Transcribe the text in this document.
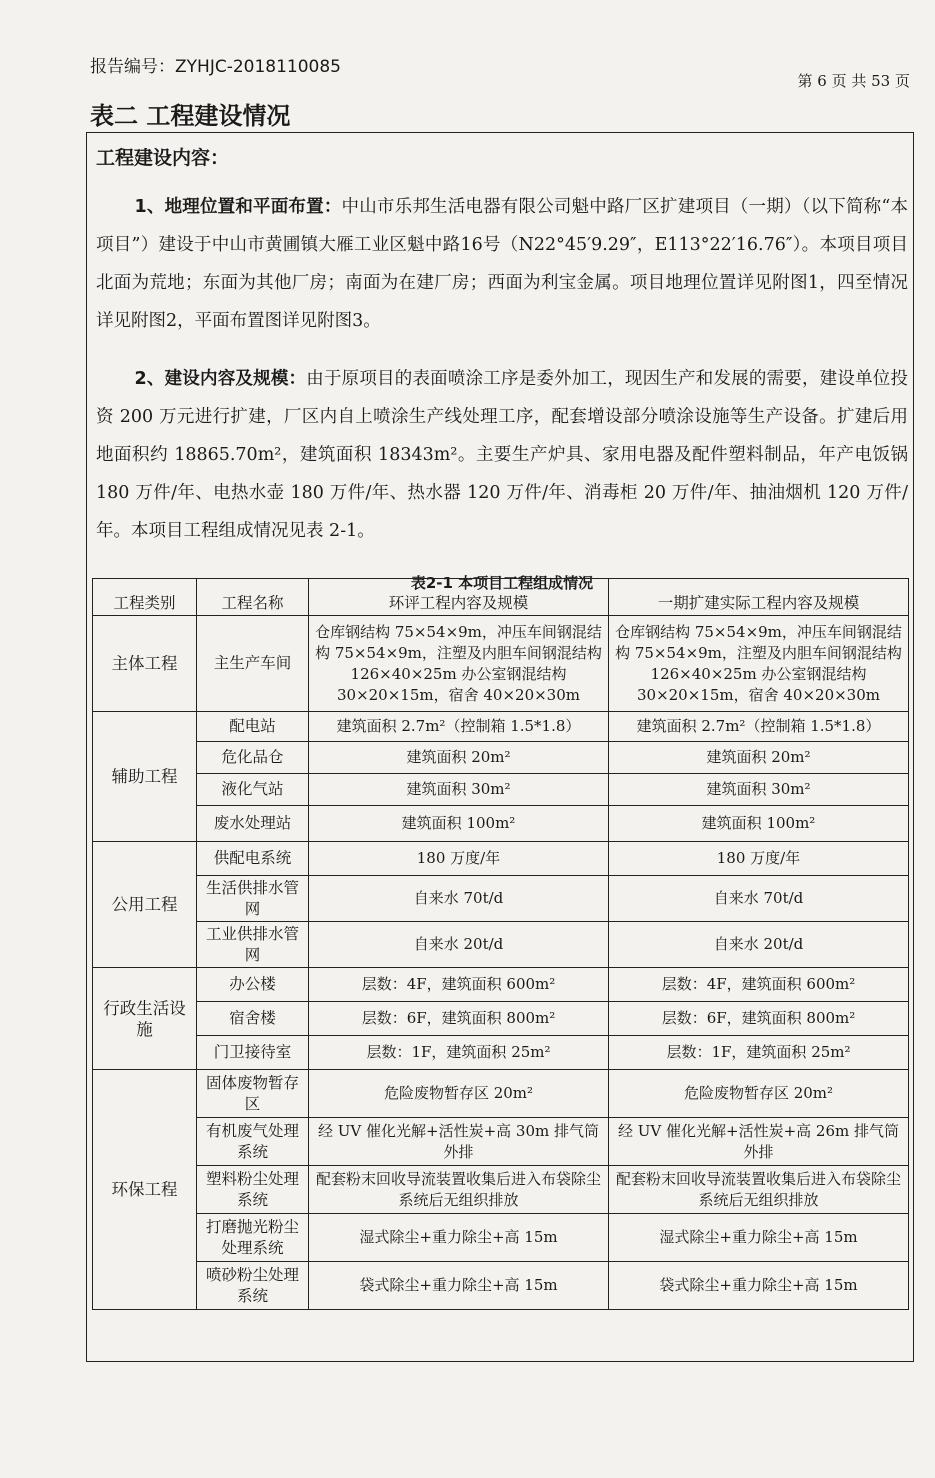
报告编号：ZYHJC-2018110085
第 6 页 共 53 页
表二 工程建设情况
工程建设内容：
1、地理位置和平面布置：中山市乐邦生活电器有限公司魁中路厂区扩建项目（一期）（以下简称“本项目”）建设于中山市黄圃镇大雁工业区魁中路16号（N22°45′9.29″，E113°22′16.76″）。本项目项目北面为荒地；东面为其他厂房；南面为在建厂房；西面为利宝金属。项目地理位置详见附图1，四至情况详见附图2，平面布置图详见附图3。
2、建设内容及规模：由于原项目的表面喷涂工序是委外加工，现因生产和发展的需要，建设单位投资 200 万元进行扩建，厂区内自上喷涂生产线处理工序，配套增设部分喷涂设施等生产设备。扩建后用地面积约 18865.70m²，建筑面积 18343m²。主要生产炉具、家用电器及配件塑料制品，年产电饭锅 180 万件/年、电热水壶 180 万件/年、热水器 120 万件/年、消毒柜 20 万件/年、抽油烟机 120 万件/年。本项目工程组成情况见表 2-1。
表2-1 本项目工程组成情况
工程类别	工程名称	环评工程内容及规模	一期扩建实际工程内容及规模
主体工程	主生产车间	仓库钢结构 75×54×9m，冲压车间钢混结构 75×54×9m，注塑及内胆车间钢混结构 126×40×25m 办公室钢混结构 30×20×15m，宿舍 40×20×30m	仓库钢结构 75×54×9m，冲压车间钢混结构 75×54×9m，注塑及内胆车间钢混结构 126×40×25m 办公室钢混结构 30×20×15m，宿舍 40×20×30m
辅助工程	配电站	建筑面积 2.7m²（控制箱 1.5*1.8）	建筑面积 2.7m²（控制箱 1.5*1.8）
	危化品仓	建筑面积 20m²	建筑面积 20m²
	液化气站	建筑面积 30m²	建筑面积 30m²
	废水处理站	建筑面积 100m²	建筑面积 100m²
公用工程	供配电系统	180 万度/年	180 万度/年
	生活供排水管网	自来水 70t/d	自来水 70t/d
	工业供排水管网	自来水 20t/d	自来水 20t/d
行政生活设施	办公楼	层数：4F，建筑面积 600m²	层数：4F，建筑面积 600m²
	宿舍楼	层数：6F，建筑面积 800m²	层数：6F，建筑面积 800m²
	门卫接待室	层数：1F，建筑面积 25m²	层数：1F，建筑面积 25m²
环保工程	固体废物暂存区	危险废物暂存区 20m²	危险废物暂存区 20m²
	有机废气处理系统	经 UV 催化光解+活性炭+高 30m 排气筒外排	经 UV 催化光解+活性炭+高 26m 排气筒外排
	塑料粉尘处理系统	配套粉末回收导流装置收集后进入布袋除尘系统后无组织排放	配套粉末回收导流装置收集后进入布袋除尘系统后无组织排放
	打磨抛光粉尘处理系统	湿式除尘+重力除尘+高 15m	湿式除尘+重力除尘+高 15m
	喷砂粉尘处理系统	袋式除尘+重力除尘+高 15m	袋式除尘+重力除尘+高 15m
